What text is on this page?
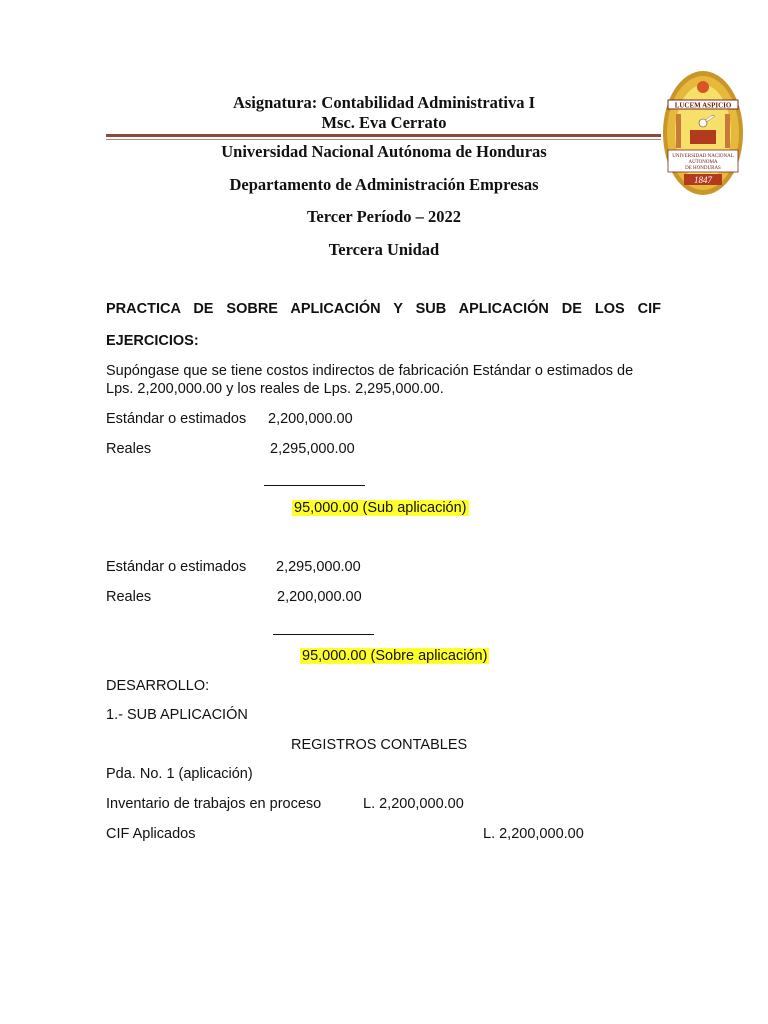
Asignatura: Contabilidad Administrativa I
Msc. Eva Cerrato
Universidad Nacional Autónoma de Honduras
Departamento de Administración Empresas
Tercer Período – 2022
Tercera Unidad
LUCEM ASPICIO
UNIVERSIDAD NACIONAL
AUTONOMA
DE HONDURAS
1847
PRACTICA DE SOBRE APLICACIÓN Y SUB APLICACIÓN DE LOS CIF
EJERCICIOS:
Supóngase que se tiene costos indirectos de fabricación Estándar o estimados de
Lps. 2,200,000.00 y los reales de Lps. 2,295,000.00.
Estándar o estimados 2,200,000.00
Reales	2,295,000.00
95,000.00 (Sub aplicación)
Estándar o estimados 2,295,000.00
Reales	2,200,000.00
95,000.00 (Sobre aplicación)
DESARROLLO:
1.- SUB APLICACIÓN
REGISTROS CONTABLES
Pda. No. 1 (aplicación)
Inventario de trabajos en proceso	L. 2,200,000.00
CIF Aplicados	L. 2,200,000.00
